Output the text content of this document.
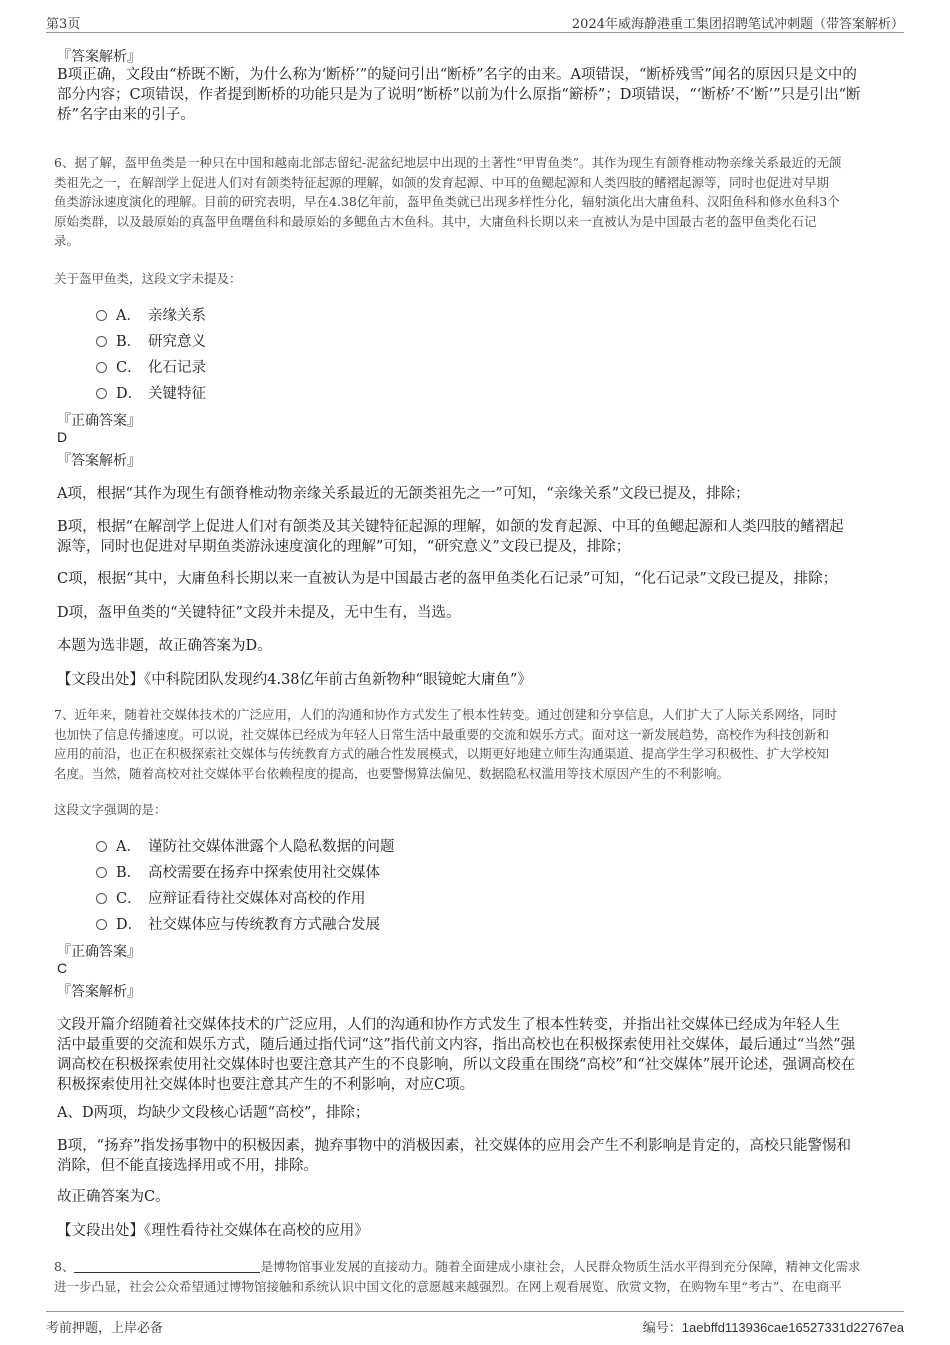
第3页	2024年威海静港重工集团招聘笔试冲刺题（带答案解析）
『答案解析』
B项正确，文段由“桥既不断，为什么称为‘断桥’”的疑问引出“断桥”名字的由来。A项错误，“断桥残雪”闻名的原因只是文中的
部分内容；C项错误，作者提到断桥的功能只是为了说明“断桥”以前为什么原指“簖桥”；D项错误，“‘断桥’不‘断’”只是引出“断
桥”名字由来的引子。
6、据了解，盔甲鱼类是一种只在中国和越南北部志留纪-泥盆纪地层中出现的土著性“甲胄鱼类”。其作为现生有颌脊椎动物亲缘关系最近的无颌
类祖先之一，在解剖学上促进人们对有颌类特征起源的理解，如颌的发育起源、中耳的鱼鳃起源和人类四肢的鳍褶起源等，同时也促进对早期
鱼类游泳速度演化的理解。目前的研究表明，早在4.38亿年前，盔甲鱼类就已出现多样性分化，辐射演化出大庸鱼科、汉阳鱼科和修水鱼科3个
原始类群，以及最原始的真盔甲鱼曙鱼科和最原始的多鳃鱼古木鱼科。其中，大庸鱼科长期以来一直被认为是中国最古老的盔甲鱼类化石记
录。
关于盔甲鱼类，这段文字未提及：
A． 亲缘关系
B． 研究意义
C． 化石记录
D． 关键特征
『正确答案』
D
『答案解析』
A项，根据“其作为现生有颌脊椎动物亲缘关系最近的无颌类祖先之一”可知，“亲缘关系”文段已提及，排除；
B项，根据“在解剖学上促进人们对有颌类及其关键特征起源的理解，如颌的发育起源、中耳的鱼鳃起源和人类四肢的鳍褶起
源等，同时也促进对早期鱼类游泳速度演化的理解”可知，“研究意义”文段已提及，排除；
C项，根据“其中，大庸鱼科长期以来一直被认为是中国最古老的盔甲鱼类化石记录”可知，“化石记录”文段已提及，排除；
D项，盔甲鱼类的“关键特征”文段并未提及，无中生有，当选。
本题为选非题，故正确答案为D。
【文段出处】《中科院团队发现约4.38亿年前古鱼新物种“眼镜蛇大庸鱼”》
7、近年来，随着社交媒体技术的广泛应用，人们的沟通和协作方式发生了根本性转变。通过创建和分享信息，人们扩大了人际关系网络，同时
也加快了信息传播速度。可以说，社交媒体已经成为年轻人日常生活中最重要的交流和娱乐方式。面对这一新发展趋势，高校作为科技创新和
应用的前沿，也正在积极探索社交媒体与传统教育方式的融合性发展模式，以期更好地建立师生沟通渠道、提高学生学习积极性、扩大学校知
名度。当然，随着高校对社交媒体平台依赖程度的提高，也要警惕算法偏见、数据隐私权滥用等技术原因产生的不利影响。
这段文字强调的是：
A． 谨防社交媒体泄露个人隐私数据的问题
B． 高校需要在扬弃中探索使用社交媒体
C． 应辩证看待社交媒体对高校的作用
D． 社交媒体应与传统教育方式融合发展
『正确答案』
C
『答案解析』
文段开篇介绍随着社交媒体技术的广泛应用，人们的沟通和协作方式发生了根本性转变，并指出社交媒体已经成为年轻人生
活中最重要的交流和娱乐方式，随后通过指代词“这”指代前文内容，指出高校也在积极探索使用社交媒体，最后通过“当然”强
调高校在积极探索使用社交媒体时也要注意其产生的不良影响，所以文段重在围绕“高校”和“社交媒体”展开论述，强调高校在
积极探索使用社交媒体时也要注意其产生的不利影响，对应C项。
A、D两项，均缺少文段核心话题“高校”，排除；
B项，“扬弃”指发扬事物中的积极因素，抛弃事物中的消极因素，社交媒体的应用会产生不利影响是肯定的，高校只能警惕和
消除，但不能直接选择用或不用，排除。
故正确答案为C。
【文段出处】《理性看待社交媒体在高校的应用》
8、	是博物馆事业发展的直接动力。随着全面建成小康社会，人民群众物质生活水平得到充分保障，精神文化需求
进一步凸显，社会公众希望通过博物馆接触和系统认识中国文化的意愿越来越强烈。在网上观看展览、欣赏文物，在购物车里“考古”、在电商平
考前押题，上岸必备	编号：1aebffd113936cae16527331d22767ea
